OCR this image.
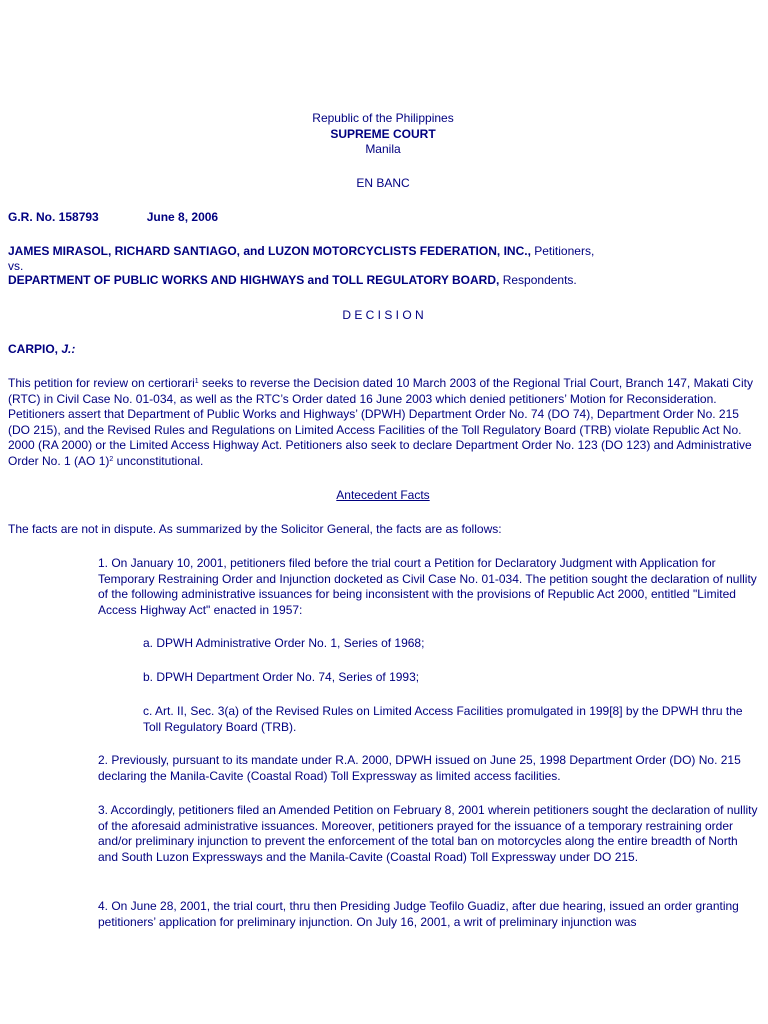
Republic of the Philippines
SUPREME COURT
Manila
EN BANC
G.R. No. 158793	June 8, 2006
JAMES MIRASOL, RICHARD SANTIAGO, and LUZON MOTORCYCLISTS FEDERATION, INC., Petitioners,
vs.
DEPARTMENT OF PUBLIC WORKS AND HIGHWAYS and TOLL REGULATORY BOARD, Respondents.
D E C I S I O N
CARPIO, J.:

This petition for review on certiorari$^1$ seeks to reverse the Decision dated 10 March 2003 of the Regional Trial Court, Branch 147, Makati City (RTC) in Civil Case No. 01-034, as well as the RTC’s Order dated 16 June 2003 which denied petitioners’ Motion for Reconsideration. Petitioners assert that Department of Public Works and Highways’ (DPWH) Department Order No. 74 (DO 74), Department Order No. 215 (DO 215), and the Revised Rules and Regulations on Limited Access Facilities of the Toll Regulatory Board (TRB) violate Republic Act No. 2000 (RA 2000) or the Limited Access Highway Act. Petitioners also seek to declare Department Order No. 123 (DO 123) and Administrative Order No. 1 (AO 1)$^2$ unconstitutional.

Antecedent Facts

The facts are not in dispute. As summarized by the Solicitor General, the facts are as follows:

1. On January 10, 2001, petitioners filed before the trial court a Petition for Declaratory Judgment with Application for Temporary Restraining Order and Injunction docketed as Civil Case No. 01-034. The petition sought the declaration of nullity of the following administrative issuances for being inconsistent with the provisions of Republic Act 2000, entitled "Limited Access Highway Act" enacted in 1957:

a. DPWH Administrative Order No. 1, Series of 1968;

b. DPWH Department Order No. 74, Series of 1993;

c. Art. II, Sec. 3(a) of the Revised Rules on Limited Access Facilities promulgated in 199[8] by the DPWH thru the Toll Regulatory Board (TRB).

2. Previously, pursuant to its mandate under R.A. 2000, DPWH issued on June 25, 1998 Department Order (DO) No. 215 declaring the Manila-Cavite (Coastal Road) Toll Expressway as limited access facilities.

3. Accordingly, petitioners filed an Amended Petition on February 8, 2001 wherein petitioners sought the declaration of nullity of the aforesaid administrative issuances. Moreover, petitioners prayed for the issuance of a temporary restraining order and/or preliminary injunction to prevent the enforcement of the total ban on motorcycles along the entire breadth of North and South Luzon Expressways and the Manila-Cavite (Coastal Road) Toll Expressway under DO 215.

4. On June 28, 2001, the trial court, thru then Presiding Judge Teofilo Guadiz, after due hearing, issued an order granting petitioners’ application for preliminary injunction. On July 16, 2001, a writ of preliminary injunction was
